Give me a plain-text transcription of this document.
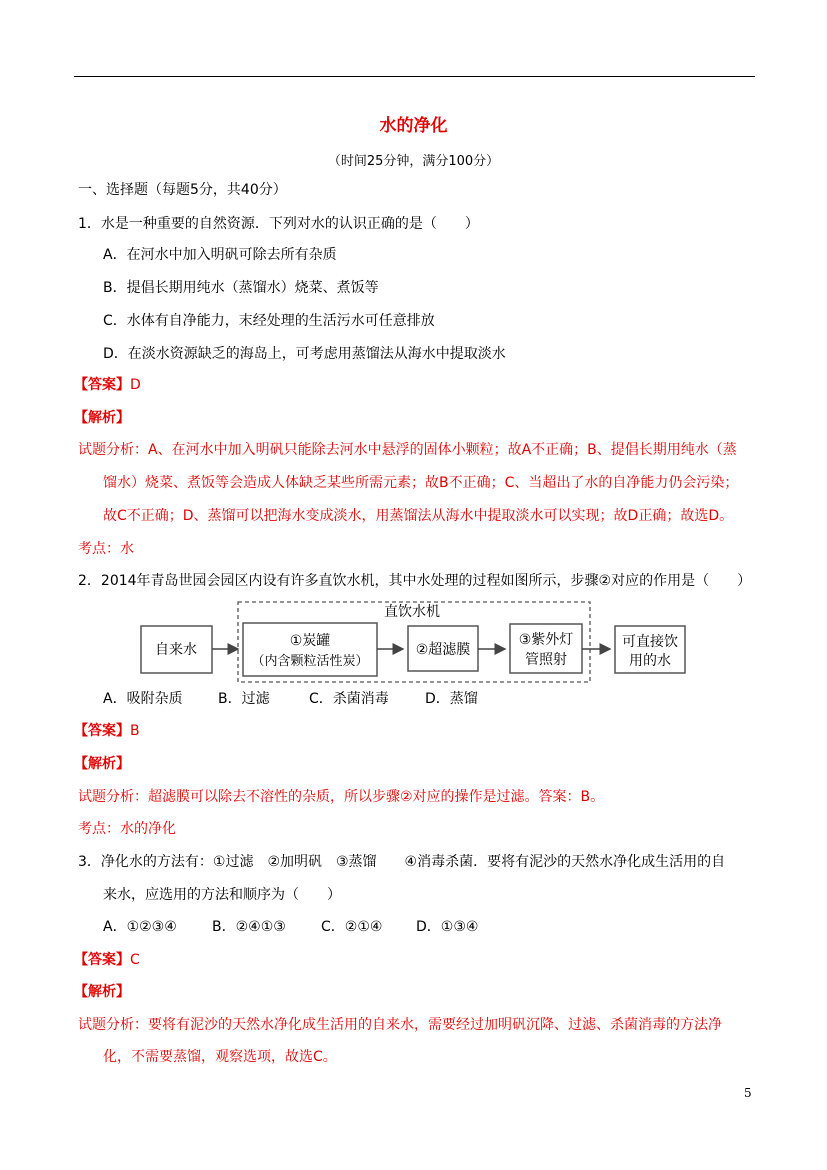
水的净化
（时间25分钟，满分100分）
一、选择题（每题5分，共40分）
1．水是一种重要的自然资源．下列对水的认识正确的是（　　）
A．在河水中加入明矾可除去所有杂质
B．提倡长期用纯水（蒸馏水）烧菜、煮饭等
C．水体有自净能力，末经处理的生活污水可任意排放
D．在淡水资源缺乏的海岛上，可考虑用蒸馏法从海水中提取淡水
【答案】D
【解析】
试题分析：A、在河水中加入明矾只能除去河水中悬浮的固体小颗粒；故A不正确；B、提倡长期用纯水（蒸
馏水）烧菜、煮饭等会造成人体缺乏某些所需元素；故B不正确；C、当超出了水的自净能力仍会污染；
故C不正确；D、蒸馏可以把海水变成淡水，用蒸馏法从海水中提取淡水可以实现；故D正确；故选D。
考点：水
2．2014年青岛世园会园区内设有许多直饮水机，其中水处理的过程如图所示，步骤②对应的作用是（　　）
直饮水机
自来水
①炭罐
（内含颗粒活性炭）
②超滤膜
③紫外灯
管照射
可直接饮
用的水
A．吸附杂质	B．过滤	C．杀菌消毒	D．蒸馏
【答案】B
【解析】
试题分析：超滤膜可以除去不溶性的杂质，所以步骤②对应的操作是过滤。答案：B。
考点：水的净化
3．净化水的方法有：①过滤　②加明矾　③蒸馏　　④消毒杀菌．要将有泥沙的天然水净化成生活用的自
来水，应选用的方法和顺序为（　　）
A．①②③④	B．②④①③	C．②①④ D．①③④
【答案】C
【解析】
试题分析：要将有泥沙的天然水净化成生活用的自来水，需要经过加明矾沉降、过滤、杀菌消毒的方法净
化，不需要蒸馏，观察选项，故选C。
5
